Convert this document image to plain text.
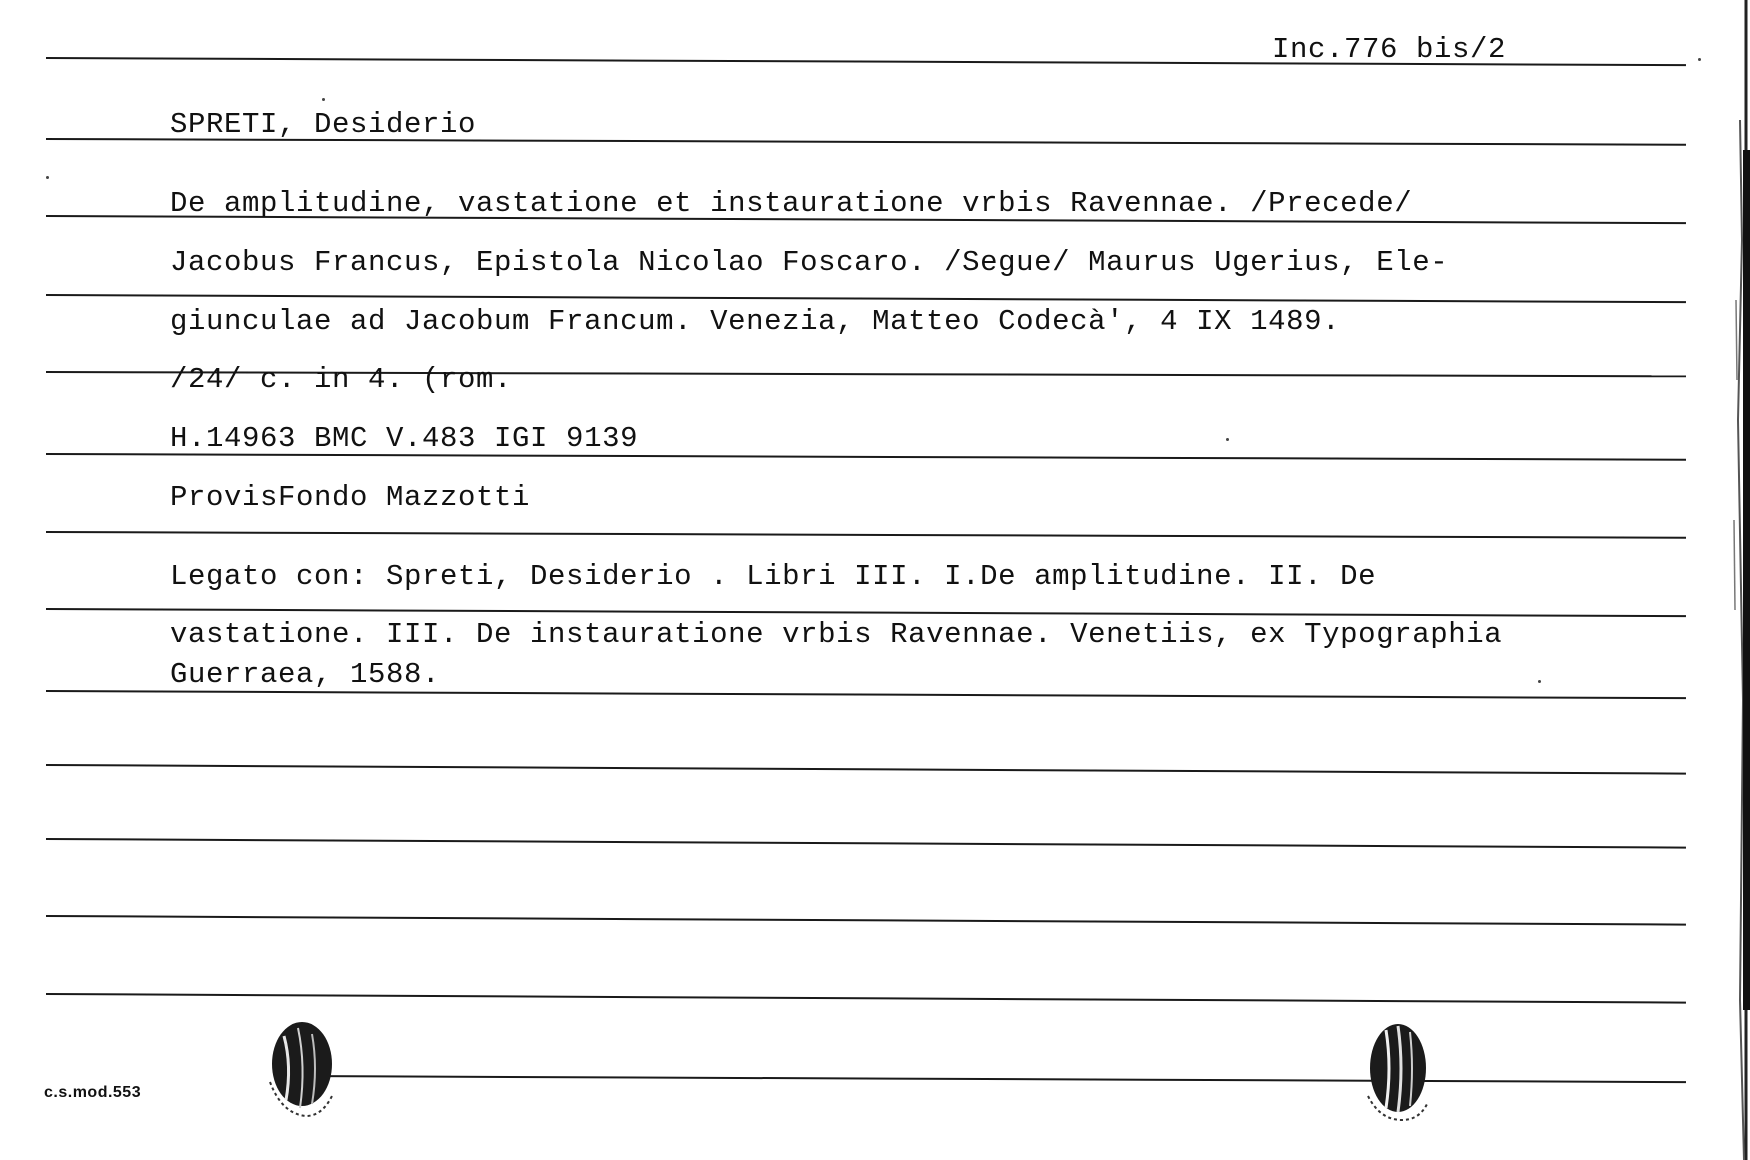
Inc.776 bis/2
SPRETI, Desiderio
De amplitudine, vastatione et instauratione vrbis Ravennae. /Precede/
Jacobus Francus, Epistola Nicolao Foscaro. /Segue/ Maurus Ugerius, Ele-
giunculae ad Jacobum Francum. Venezia, Matteo Codecà', 4 IX 1489.
/24/ c. in 4. (rom.
H.14963 BMC V.483 IGI 9139
ProvisFondo Mazzotti
Legato con: Spreti, Desiderio . Libri III. I.De amplitudine. II. De
vastatione. III. De instauratione vrbis Ravennae. Venetiis, ex Typographia
Guerraea, 1588.
c.s.mod.553
